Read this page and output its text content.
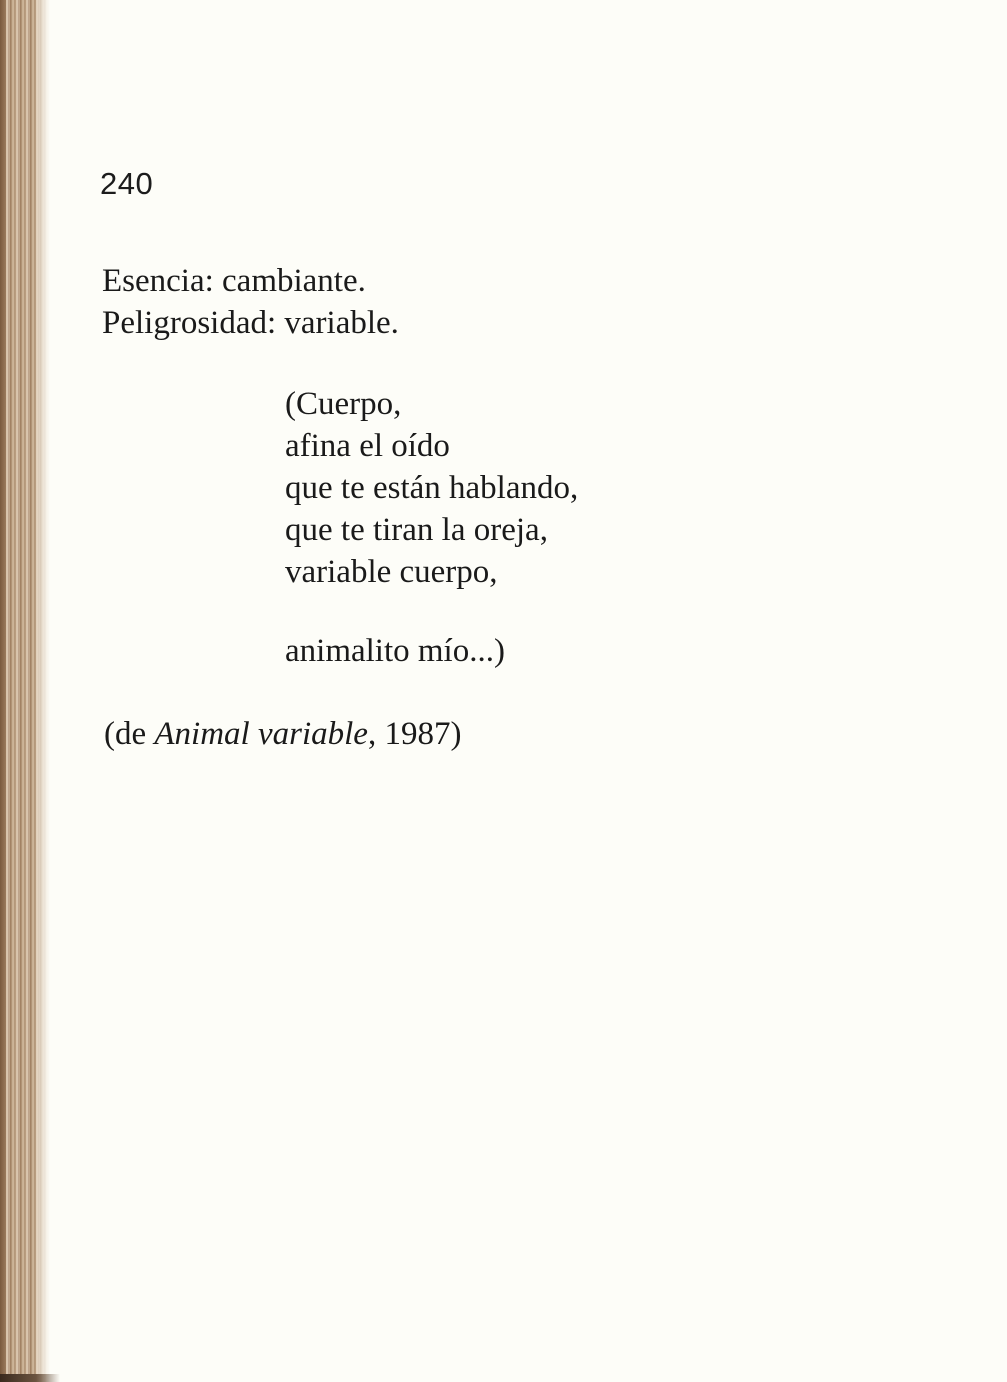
240
Esencia: cambiante.
Peligrosidad: variable.
(Cuerpo,
afina el oído
que te están hablando,
que te tiran la oreja,
variable cuerpo,
animalito mío...)
(de Animal variable, 1987)
